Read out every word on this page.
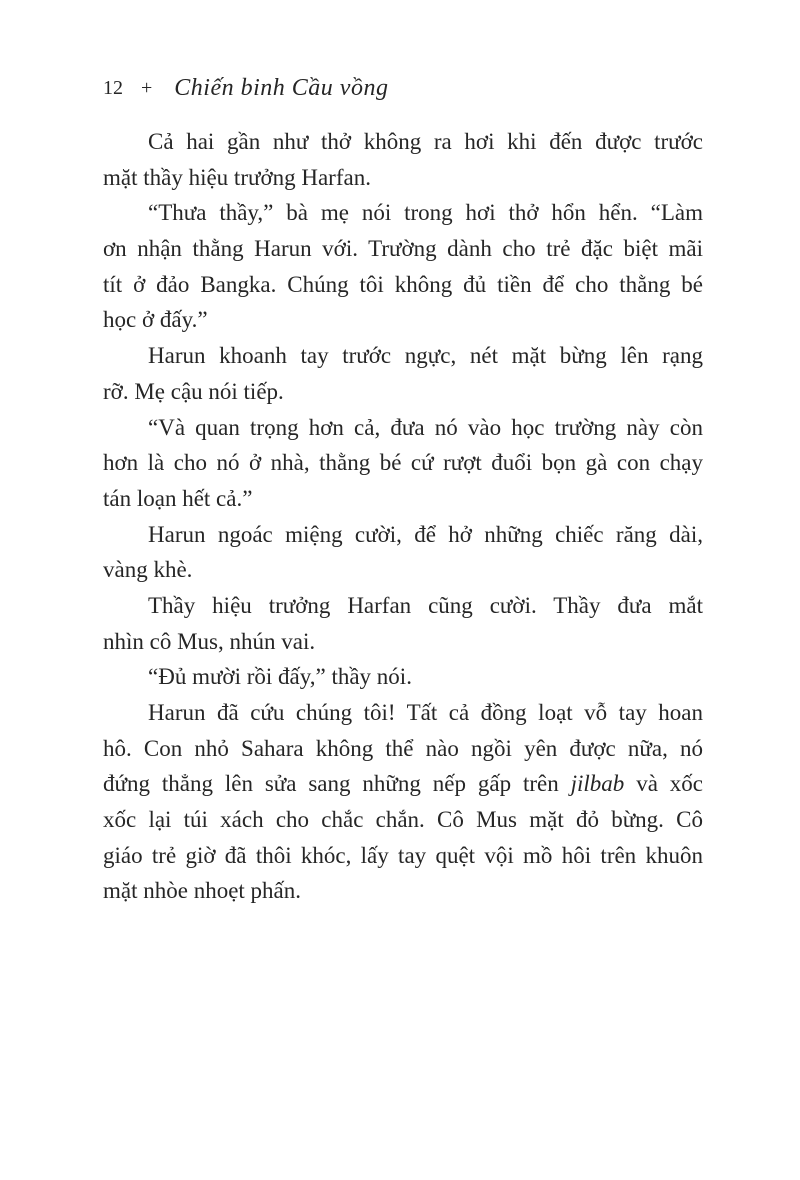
12 + Chiến binh Cầu vồng
Cả hai gần như thở không ra hơi khi đến được trước
mặt thầy hiệu trưởng Harfan.
“Thưa thầy,” bà mẹ nói trong hơi thở hổn hển. “Làm
ơn nhận thằng Harun với. Trường dành cho trẻ đặc biệt mãi
tít ở đảo Bangka. Chúng tôi không đủ tiền để cho thằng bé
học ở đấy.”
Harun khoanh tay trước ngực, nét mặt bừng lên rạng
rỡ. Mẹ cậu nói tiếp.
“Và quan trọng hơn cả, đưa nó vào học trường này còn
hơn là cho nó ở nhà, thằng bé cứ rượt đuổi bọn gà con chạy
tán loạn hết cả.”
Harun ngoác miệng cười, để hở những chiếc răng dài,
vàng khè.
Thầy hiệu trưởng Harfan cũng cười. Thầy đưa mắt
nhìn cô Mus, nhún vai.
“Đủ mười rồi đấy,” thầy nói.
Harun đã cứu chúng tôi! Tất cả đồng loạt vỗ tay hoan
hô. Con nhỏ Sahara không thể nào ngồi yên được nữa, nó
đứng thẳng lên sửa sang những nếp gấp trên jilbab và xốc
xốc lại túi xách cho chắc chắn. Cô Mus mặt đỏ bừng. Cô
giáo trẻ giờ đã thôi khóc, lấy tay quệt vội mồ hôi trên khuôn
mặt nhòe nhoẹt phấn.
